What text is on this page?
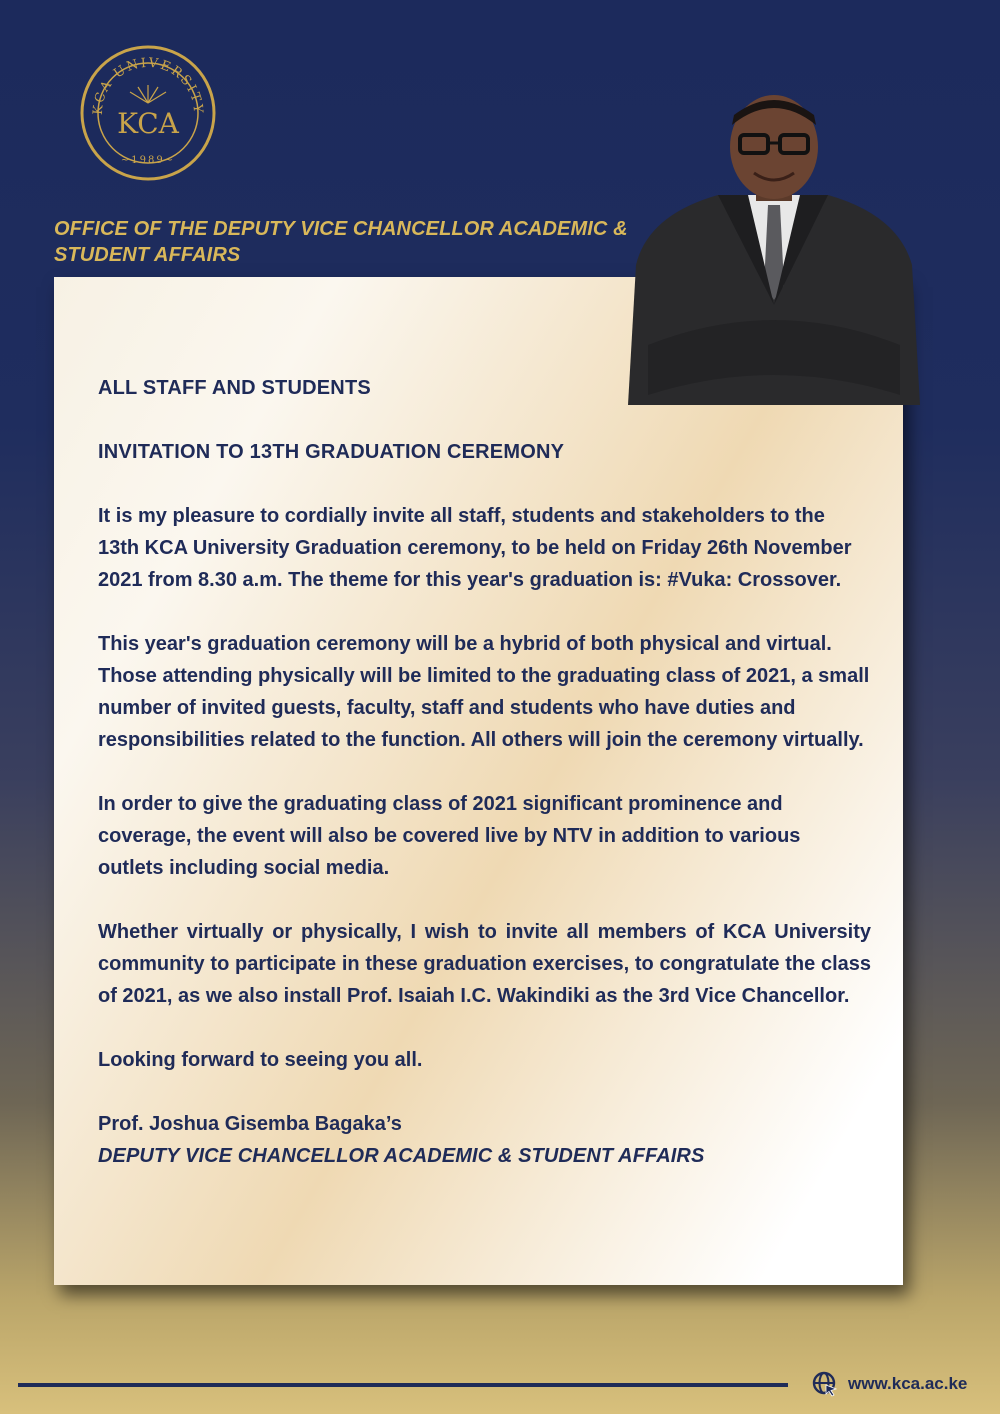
KCA UNIVERSITY
KCA
~1989~
OFFICE OF THE DEPUTY VICE CHANCELLOR ACADEMIC &
STUDENT AFFAIRS

ALL STAFF AND STUDENTS

INVITATION TO 13TH GRADUATION CEREMONY

It is my pleasure to cordially invite all staff, students and stakeholders to the 13th KCA University Graduation ceremony, to be held on Friday 26th November 2021 from 8.30 a.m. The theme for this year's graduation is: #Vuka: Crossover.

This year's graduation ceremony will be a hybrid of both physical and virtual. Those attending physically will be limited to the graduating class of 2021, a small number of invited guests, faculty, staff and students who have duties and responsibilities related to the function. All others will join the ceremony virtually.

In order to give the graduating class of 2021 significant prominence and coverage, the event will also be covered live by NTV in addition to various outlets including social media.

Whether virtually or physically, I wish to invite all members of KCA University community to participate in these graduation exercises, to congratulate the class of 2021, as we also install Prof. Isaiah I.C. Wakindiki as the 3rd Vice Chancellor.

Looking forward to seeing you all.

Prof. Joshua Gisemba Bagaka’s

DEPUTY VICE CHANCELLOR ACADEMIC & STUDENT AFFAIRS

www.kca.ac.ke
